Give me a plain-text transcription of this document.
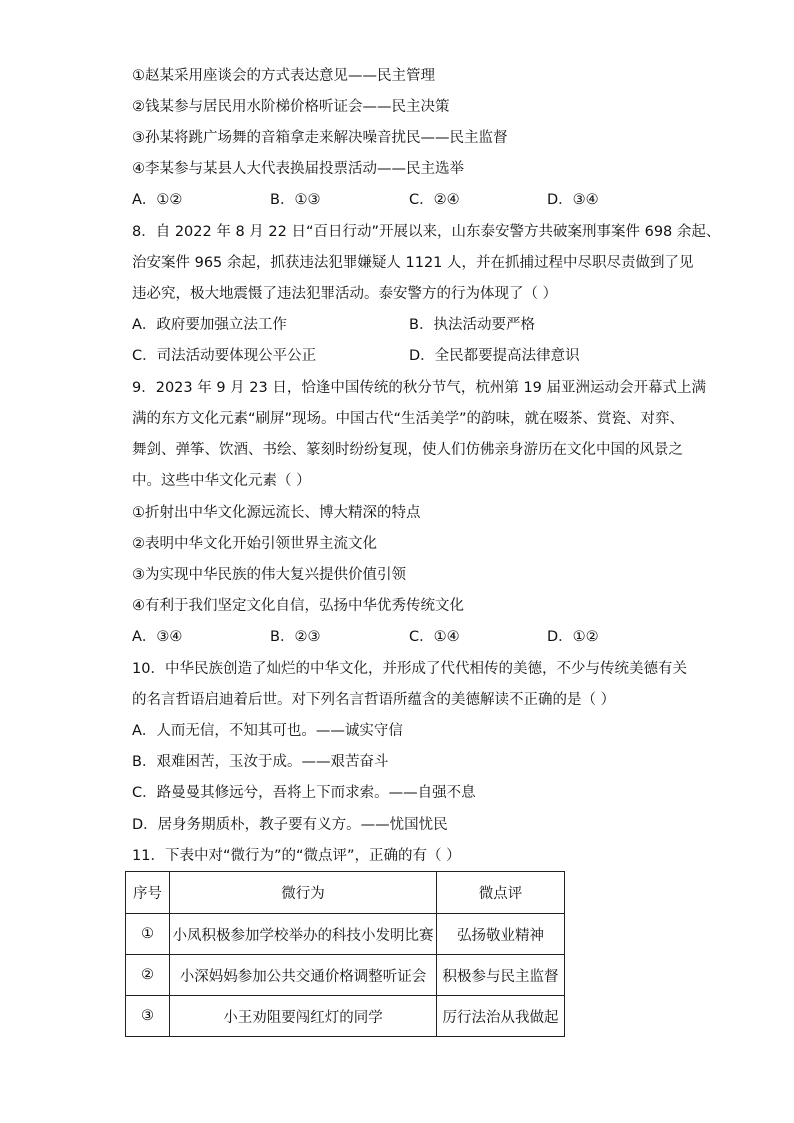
①赵某采用座谈会的方式表达意见——民主管理
②钱某参与居民用水阶梯价格听证会——民主决策
③孙某将跳广场舞的音箱拿走来解决噪音扰民——民主监督
④李某参与某县人大代表换届投票活动——民主选举
A．①②	B．①③	C．②④	D．③④
8．自 2022 年 8 月 22 日“百日行动”开展以来，山东泰安警方共破案刑事案件 698 余起、
治安案件 965 余起，抓获违法犯罪嫌疑人 1121 人，并在抓捕过程中尽职尽责做到了见
违必究，极大地震慑了违法犯罪活动。泰安警方的行为体现了（ ）
A．政府要加强立法工作	B．执法活动要严格
C．司法活动要体现公平公正	D．全民都要提高法律意识
9．2023 年 9 月 23 日，恰逢中国传统的秋分节气，杭州第 19 届亚洲运动会开幕式上满
满的东方文化元素“刷屏”现场。中国古代“生活美学”的韵味，就在啜茶、赏瓷、对弈、
舞剑、弹筝、饮酒、书绘、篆刻时纷纷复现，使人们仿佛亲身游历在文化中国的风景之
中。这些中华文化元素（ ）
①折射出中华文化源远流长、博大精深的特点
②表明中华文化开始引领世界主流文化
③为实现中华民族的伟大复兴提供价值引领
④有利于我们坚定文化自信，弘扬中华优秀传统文化
A．③④	B．②③	C．①④	D．①②
10．中华民族创造了灿烂的中华文化，并形成了代代相传的美德，不少与传统美德有关
的名言哲语启迪着后世。对下列名言哲语所蕴含的美德解读不正确的是（ ）
A．人而无信，不知其可也。——诚实守信
B．艰难困苦，玉汝于成。——艰苦奋斗
C．路曼曼其修远兮，吾将上下而求索。——自强不息
D．居身务期质朴，教子要有义方。——忧国忧民
11．下表中对“微行为”的“微点评”，正确的有（ ）
序号	微行为	微点评
①	小凤积极参加学校举办的科技小发明比赛	弘扬敬业精神
②	小深妈妈参加公共交通价格调整听证会	积极参与民主监督
③	小王劝阻要闯红灯的同学	厉行法治从我做起
